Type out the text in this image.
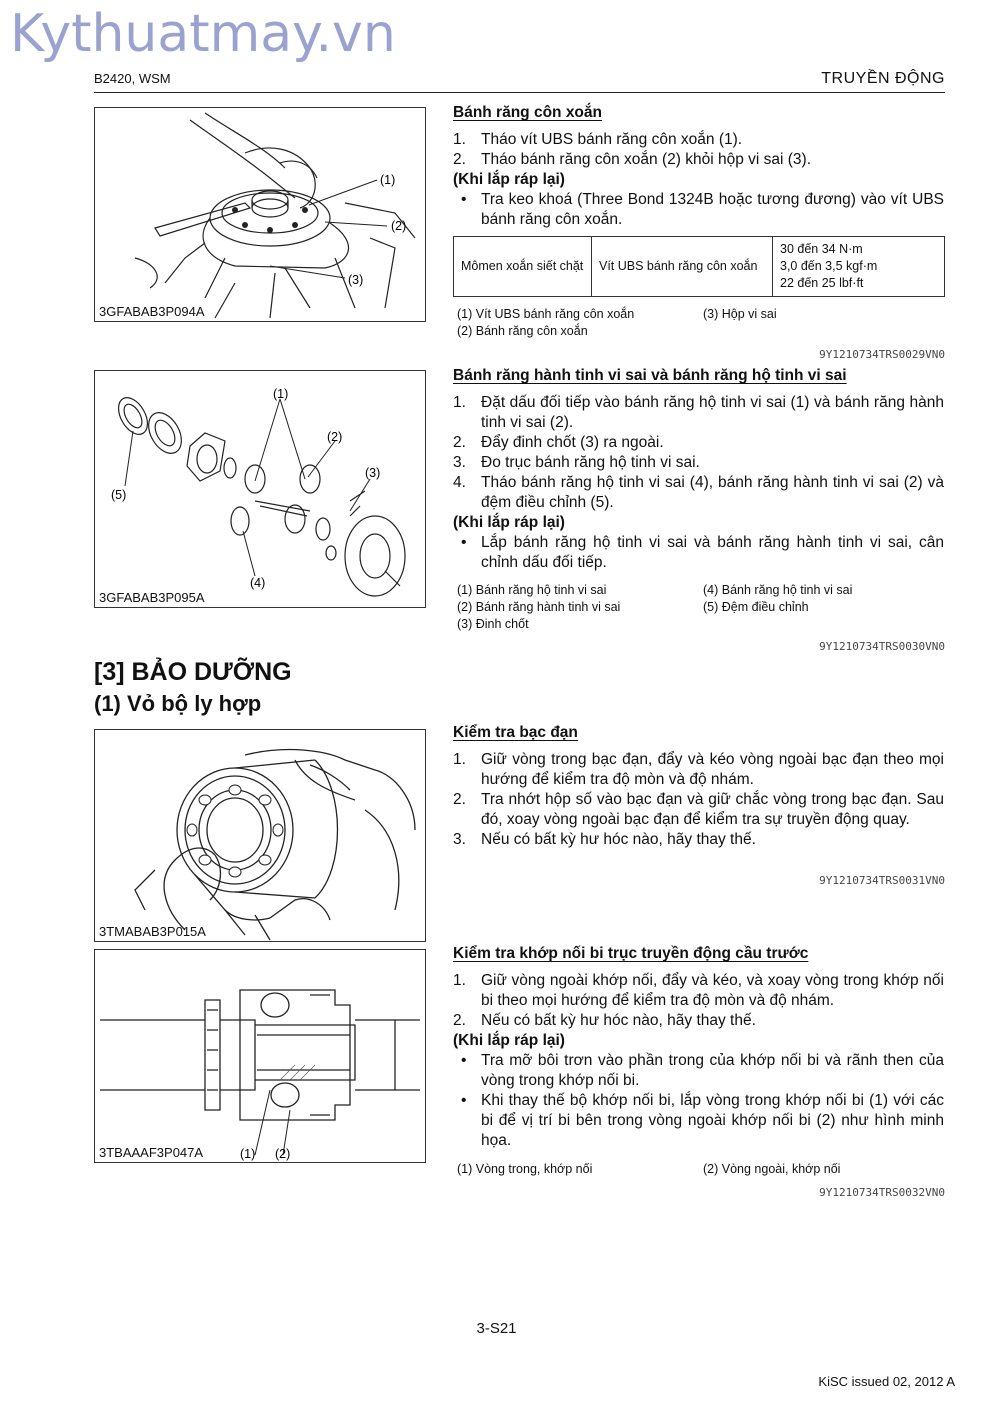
Kythuatmay.vn
B2420, WSM	TRUYỀN ĐỘNG
(1)
(2)
(3)
3GFABAB3P094A
Bánh răng côn xoắn
1. Tháo vít UBS bánh răng côn xoắn (1).
2. Tháo bánh răng côn xoắn (2) khỏi hộp vi sai (3).
(Khi lắp ráp lại)
• Tra keo khoá (Three Bond 1324B hoặc tương đương) vào vít UBS bánh răng côn xoắn.
Mômen xoắn siết chặt	Vít UBS bánh răng côn xoắn	
30 đến 34 N·m
3,0 đến 3,5 kgf·m
22 đến 25 lbf·ft
(1) Vít UBS bánh răng côn xoắn	(3) Hộp vi sai
(2) Bánh răng côn xoắn
9Y1210734TRS0029VN0
(1)
(2)
(3)
(4)
(5)
3GFABAB3P095A
Bánh răng hành tinh vi sai và bánh răng hộ tinh vi sai
1. Đặt dấu đối tiếp vào bánh răng hộ tinh vi sai (1) và bánh răng hành tinh vi sai (2).
2. Đẩy đinh chốt (3) ra ngoài.
3. Đo trục bánh răng hộ tinh vi sai.
4. Tháo bánh răng hộ tinh vi sai (4), bánh răng hành tinh vi sai (2) và đệm điều chỉnh (5).
(Khi lắp ráp lại)
• Lắp bánh răng hộ tinh vi sai và bánh răng hành tinh vi sai, cân chỉnh dấu đối tiếp.
(1) Bánh răng hộ tinh vi sai	(4) Bánh răng hộ tinh vi sai
(2) Bánh răng hành tinh vi sai	(5) Đệm điều chỉnh
(3) Đinh chốt
9Y1210734TRS0030VN0
[3] BẢO DƯỠNG
(1) Vỏ bộ ly hợp
3TMABAB3P015A
Kiểm tra bạc đạn
1. Giữ vòng trong bạc đạn, đẩy và kéo vòng ngoài bạc đạn theo mọi hướng để kiểm tra độ mòn và độ nhám.
2. Tra nhớt hộp số vào bạc đạn và giữ chắc vòng trong bạc đạn. Sau đó, xoay vòng ngoài bạc đạn để kiểm tra sự truyền động quay.
3. Nếu có bất kỳ hư hóc nào, hãy thay thế.
9Y1210734TRS0031VN0
(1) (2)
3TBAAAF3P047A
Kiểm tra khớp nối bi trục truyền động cầu trước
1. Giữ vòng ngoài khớp nối, đẩy và kéo, và xoay vòng trong khớp nối bi theo mọi hướng để kiểm tra độ mòn và độ nhám.
2. Nếu có bất kỳ hư hóc nào, hãy thay thế.
(Khi lắp ráp lại)
• Tra mỡ bôi trơn vào phần trong của khớp nối bi và rãnh then của vòng trong khớp nối bi.
• Khi thay thế bộ khớp nối bi, lắp vòng trong khớp nối bi (1) với các bi để vị trí bi bên trong vòng ngoài khớp nối bi (2) như hình minh họa.
(1) Vòng trong, khớp nối	(2) Vòng ngoài, khớp nối
9Y1210734TRS0032VN0
3-S21
KiSC issued 02, 2012 A
